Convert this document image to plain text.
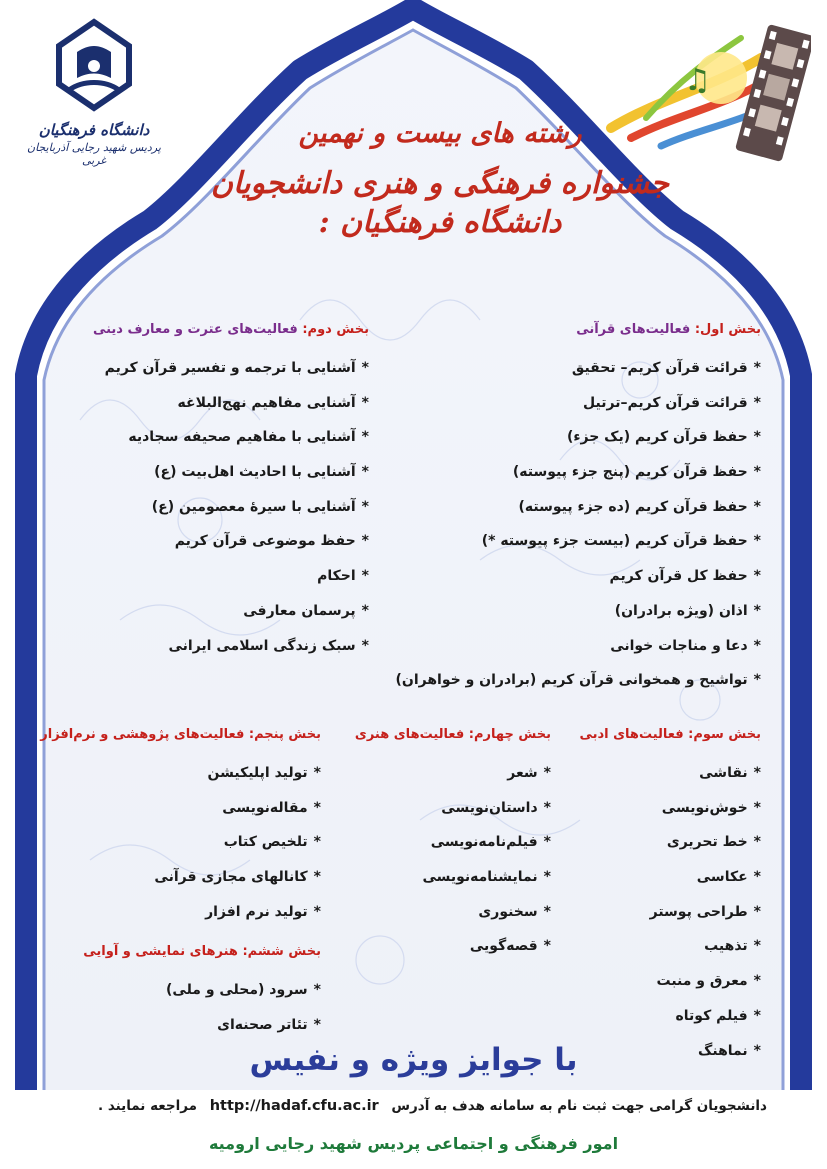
دانشگاه فرهنگیان
پردیس شهید رجایی آذربایجان غربی
♫
رشته های بیست و نهمین
جشنواره فرهنگی و هنری دانشجویان دانشگاه فرهنگیان :
بخش اول: فعالیت‌های قرآنی
*قرائت قرآن کریم– تحقیق
*قرائت قرآن کریم–ترتیل
*حفظ قرآن کریم (یک جزء)
*حفظ قرآن کریم (پنج جزء پیوسته)
*حفظ قرآن کریم (ده جزء پیوسته)
*حفظ قرآن کریم (بیست جزء پیوسته *)
*حفظ کل قرآن کریم
*اذان (ویژه برادران)
*دعا و مناجات خوانی
*تواشیح و همخوانی قرآن کریم (برادران و خواهران)
بخش دوم: فعالیت‌های عترت و معارف دینی
*آشنایی با ترجمه و تفسیر قرآن کریم
*آشنایی مفاهیم نهج‌البلاغه
*آشنایی با مفاهیم صحیفه سجادیه
*آشنایی با احادیث اهل‌بیت (ع)
*آشنایی با سیرهٔ معصومین (ع)
*حفظ موضوعی قرآن کریم
*احکام
*پرسمان معارفی
*سبک زندگی اسلامی ایرانی
بخش سوم: فعالیت‌های ادبی
*نقاشی
*خوش‌نویسی
*خط تحریری
*عکاسی
*طراحی پوستر
*تذهیب
*معرق و منبت
*فیلم کوتاه
*نماهنگ
بخش چهارم: فعالیت‌های هنری
*شعر
*داستان‌نویسی
*فیلم‌نامه‌نویسی
*نمایشنامه‌نویسی
*سخنوری
*قصه‌گویی
بخش پنجم: فعالیت‌های پژوهشی و نرم‌افزار
*تولید اپلیکیشن
*مقاله‌نویسی
*تلخیص کتاب
*کانالهای مجازی قرآنی
*تولید نرم افزار
بخش ششم: هنرهای نمایشی و آوایی
*سرود (محلی و ملی)
*تئاتر صحنه‌ای
با جوایز ویژه و نفیس
دانشجویان گرامی جهت ثبت نام به سامانه هدف به آدرس http://hadaf.cfu.ac.ir مراجعه نمایند .
امور فرهنگی و اجتماعی پردیس شهید رجایی ارومیه
